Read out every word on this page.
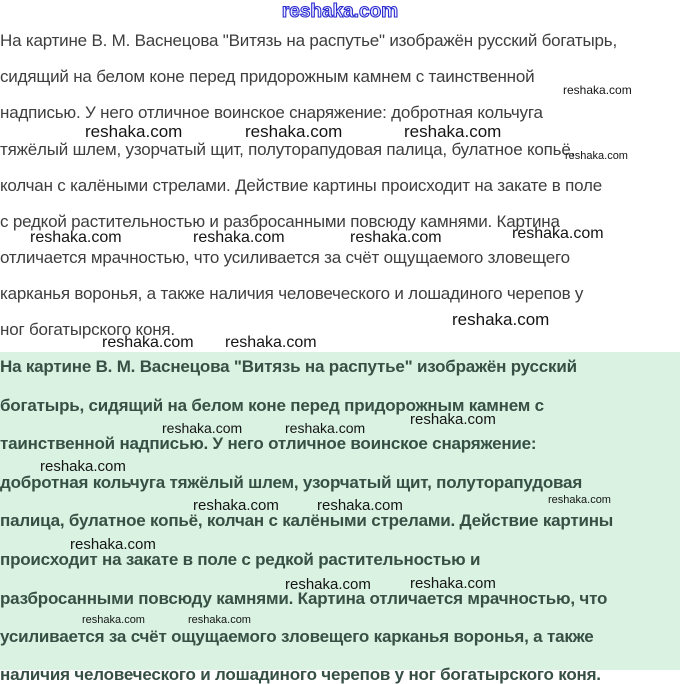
reshaka.com
На картине В. М. Васнецова "Витязь на распутье" изображён русский богатырь,
сидящий на белом коне перед придорожным камнем с таинственной
надписью. У него отличное воинское снаряжение: добротная кольчуга
тяжёлый шлем, узорчатый щит, полуторапудовая палица, булатное копьё,
колчан с калёными стрелами. Действие картины происходит на закате в поле
с редкой растительностью и разбросанными повсюду камнями. Картина
отличается мрачностью, что усиливается за счёт ощущаемого зловещего
карканья воронья, а также наличия человеческого и лошадиного черепов у
ног богатырского коня.
reshaka.com
reshaka.com	reshaka.com	reshaka.com
reshaka.com
reshaka.com	reshaka.com	reshaka.com	reshaka.com
reshaka.com
reshaka.com reshaka.com
На картине В. М. Васнецова "Витязь на распутье" изображён русский
богатырь, сидящий на белом коне перед придорожным камнем с
таинственной надписью. У него отличное воинское снаряжение:
добротная кольчуга тяжёлый шлем, узорчатый щит, полуторапудовая
палица, булатное копьё, колчан с калёными стрелами. Действие картины
происходит на закате в поле с редкой растительностью и
разбросанными повсюду камнями. Картина отличается мрачностью, что
усиливается за счёт ощущаемого зловещего карканья воронья, а также
наличия человеческого и лошадиного черепов у ног богатырского коня.
reshaka.com
reshaka.com	reshaka.com
reshaka.com
reshaka.com
reshaka.com	reshaka.com
reshaka.com
reshaka.com	reshaka.com
reshaka.com	reshaka.com
